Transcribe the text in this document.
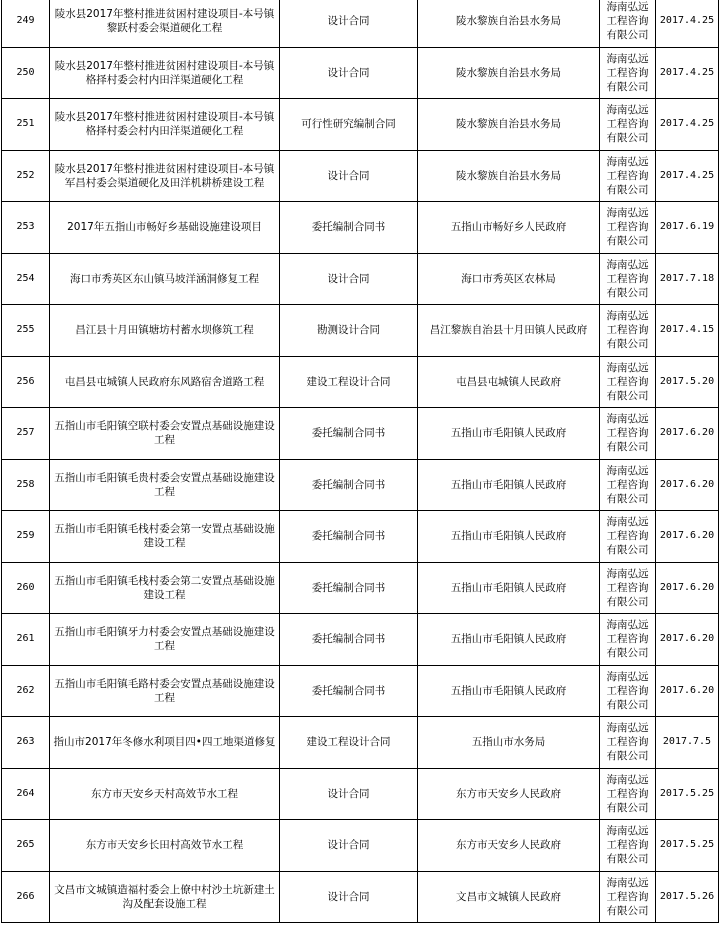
249	陵水县2017年整村推进贫困村建设项目-本号镇黎跃村委会渠道硬化工程	设计合同	陵水黎族自治县水务局	海南弘远工程咨询有限公司	2017.4.25
250	陵水县2017年整村推进贫困村建设项目-本号镇格择村委会村内田洋渠道硬化工程	设计合同	陵水黎族自治县水务局	海南弘远工程咨询有限公司	2017.4.25
251	陵水县2017年整村推进贫困村建设项目-本号镇格择村委会村内田洋渠道硬化工程	可行性研究编制合同	陵水黎族自治县水务局	海南弘远工程咨询有限公司	2017.4.25
252	陵水县2017年整村推进贫困村建设项目-本号镇军昌村委会渠道硬化及田洋机耕桥建设工程	设计合同	陵水黎族自治县水务局	海南弘远工程咨询有限公司	2017.4.25
253	2017年五指山市畅好乡基础设施建设项目	委托编制合同书	五指山市畅好乡人民政府	海南弘远工程咨询有限公司	2017.6.19
254	海口市秀英区东山镇马坡洋涵洞修复工程	设计合同	海口市秀英区农林局	海南弘远工程咨询有限公司	2017.7.18
255	昌江县十月田镇塘坊村蓄水坝修筑工程	勘测设计合同	昌江黎族自治县十月田镇人民政府	海南弘远工程咨询有限公司	2017.4.15
256	屯昌县屯城镇人民政府东风路宿舍道路工程	建设工程设计合同	屯昌县屯城镇人民政府	海南弘远工程咨询有限公司	2017.5.20
257	五指山市毛阳镇空联村委会安置点基础设施建设工程	委托编制合同书	五指山市毛阳镇人民政府	海南弘远工程咨询有限公司	2017.6.20
258	五指山市毛阳镇毛贵村委会安置点基础设施建设工程	委托编制合同书	五指山市毛阳镇人民政府	海南弘远工程咨询有限公司	2017.6.20
259	五指山市毛阳镇毛栈村委会第一安置点基础设施建设工程	委托编制合同书	五指山市毛阳镇人民政府	海南弘远工程咨询有限公司	2017.6.20
260	五指山市毛阳镇毛栈村委会第二安置点基础设施建设工程	委托编制合同书	五指山市毛阳镇人民政府	海南弘远工程咨询有限公司	2017.6.20
261	五指山市毛阳镇牙力村委会安置点基础设施建设工程	委托编制合同书	五指山市毛阳镇人民政府	海南弘远工程咨询有限公司	2017.6.20
262	五指山市毛阳镇毛路村委会安置点基础设施建设工程	委托编制合同书	五指山市毛阳镇人民政府	海南弘远工程咨询有限公司	2017.6.20
263	指山市2017年冬修水利项目四•四工地渠道修复	建设工程设计合同	五指山市水务局	海南弘远工程咨询有限公司	2017.7.5
264	东方市天安乡天村高效节水工程	设计合同	东方市天安乡人民政府	海南弘远工程咨询有限公司	2017.5.25
265	东方市天安乡长田村高效节水工程	设计合同	东方市天安乡人民政府	海南弘远工程咨询有限公司	2017.5.25
266	文昌市文城镇造福村委会上僚中村沙土坑新建土沟及配套设施工程	设计合同	文昌市文城镇人民政府	海南弘远工程咨询有限公司	2017.5.26
